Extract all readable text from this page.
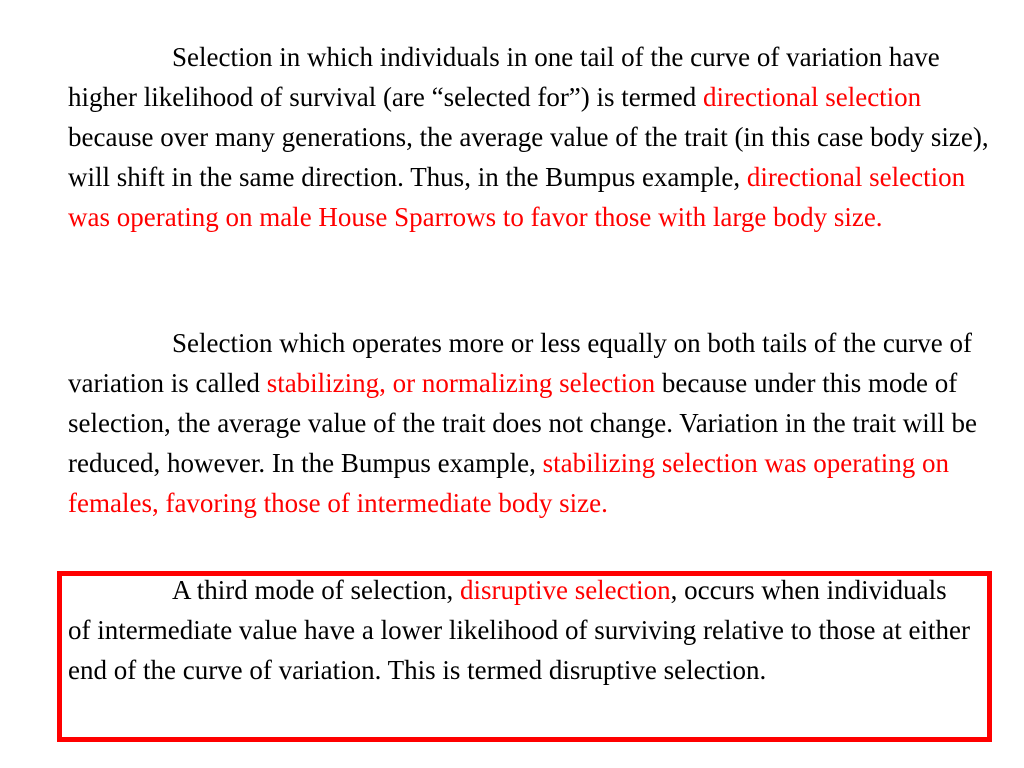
Selection in which individuals in one tail of the curve of variation have higher likelihood of survival (are “selected for”) is termed directional selection because over many generations, the average value of the trait (in this case body size), will shift in the same direction. Thus, in the Bumpus example, directional selection was operating on male House Sparrows to favor those with large body size.

Selection which operates more or less equally on both tails of the curve of variation is called stabilizing, or normalizing selection because under this mode of selection, the average value of the trait does not change. Variation in the trait will be reduced, however. In the Bumpus example, stabilizing selection was operating on females, favoring those of intermediate body size.

A third mode of selection, disruptive selection, occurs when individuals of intermediate value have a lower likelihood of surviving relative to those at either end of the curve of variation. This is termed disruptive selection.
